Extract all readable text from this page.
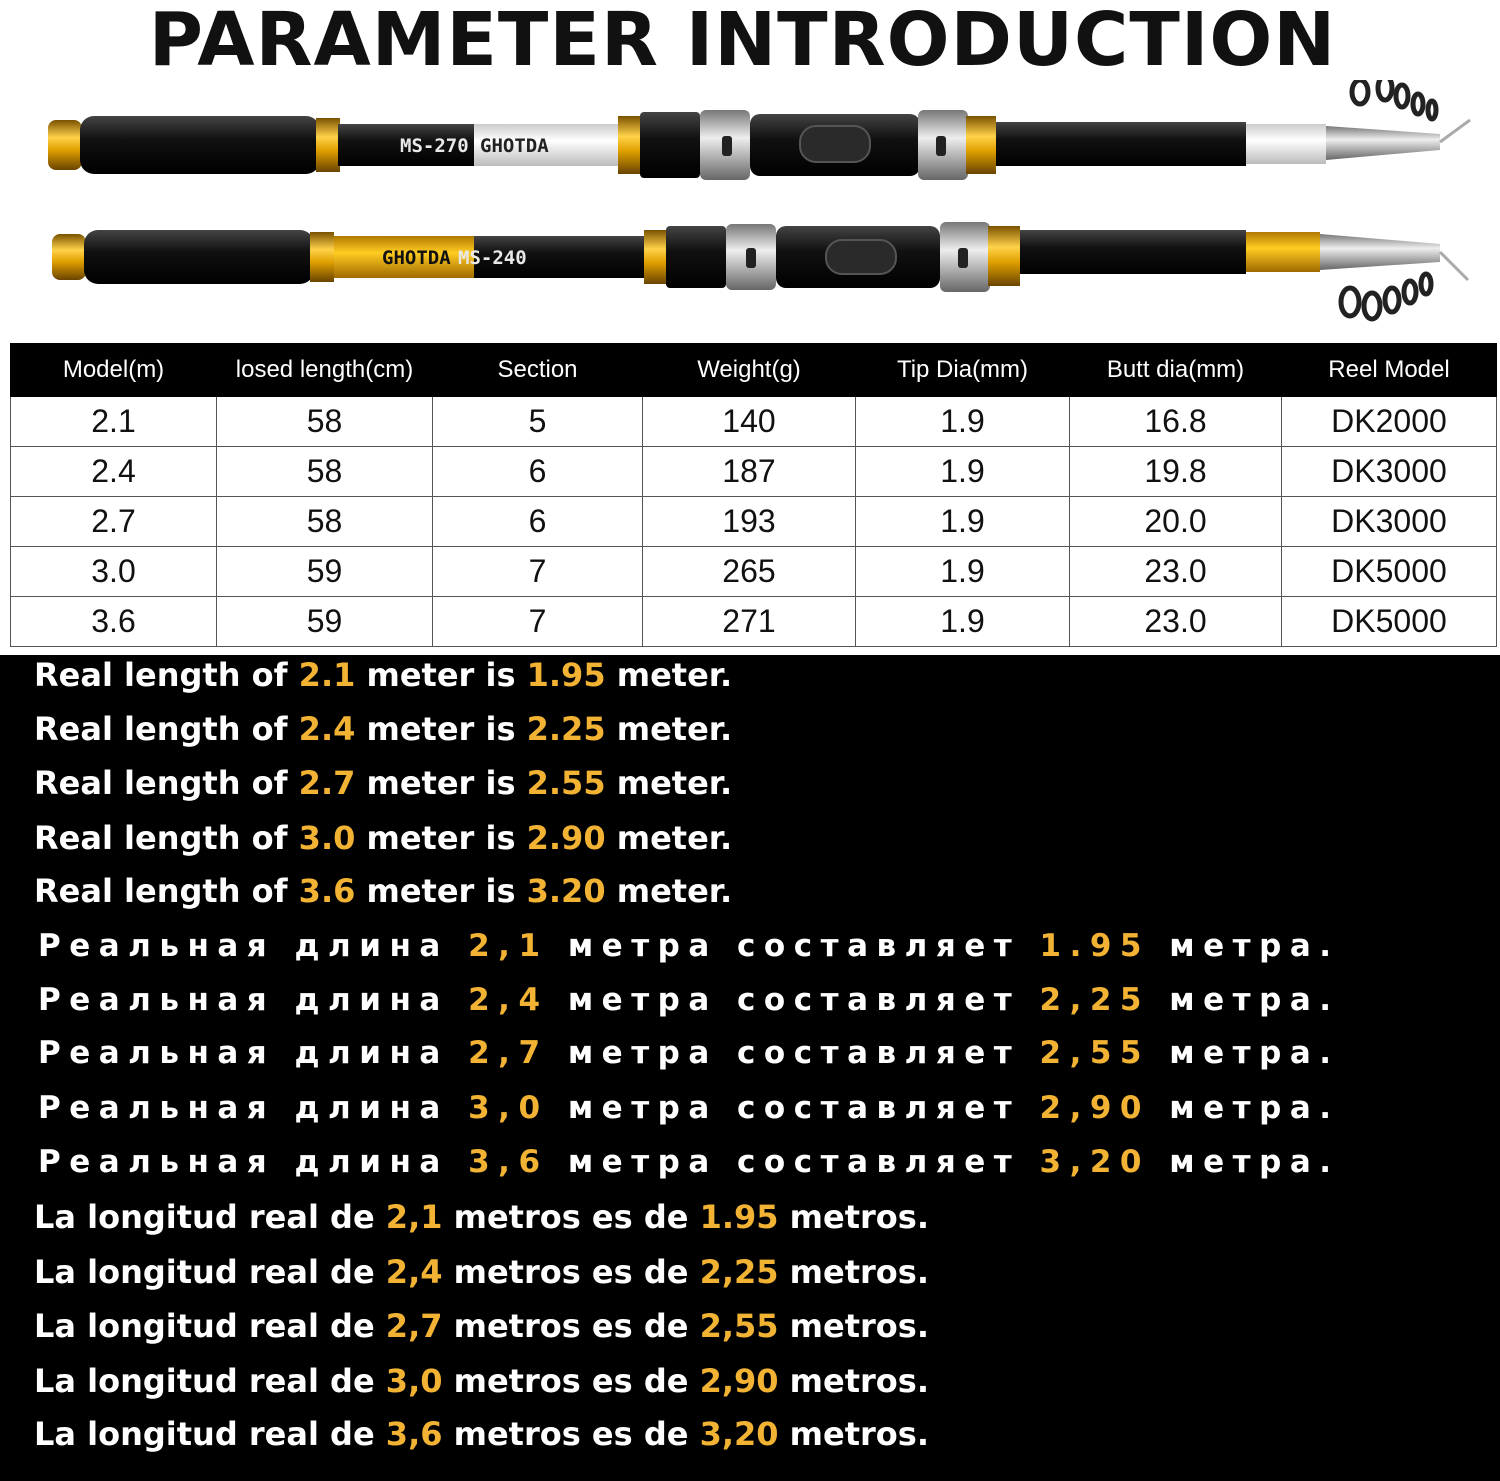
PARAMETER INTRODUCTION
MS-270 GHOTDA
GHOTDA MS-240
Model(m)	losed length(cm)	Section	Weight(g)	Tip Dia(mm)	Butt dia(mm)	Reel Model
2.1	58	5	140	1.9	16.8	DK2000
2.4	58	6	187	1.9	19.8	DK3000
2.7	58	6	193	1.9	20.0	DK3000
3.0	59	7	265	1.9	23.0	DK5000
3.6	59	7	271	1.9	23.0	DK5000
Real length of 2.1 meter is 1.95 meter.
Real length of 2.4 meter is 2.25 meter.
Real length of 2.7 meter is 2.55 meter.
Real length of 3.0 meter is 2.90 meter.
Real length of 3.6 meter is 3.20 meter.
Реальная длина 2,1 метра составляет 1.95 метра.
Реальная длина 2,4 метра составляет 2,25 метра.
Реальная длина 2,7 метра составляет 2,55 метра.
Реальная длина 3,0 метра составляет 2,90 метра.
Реальная длина 3,6 метра составляет 3,20 метра.
La longitud real de 2,1 metros es de 1.95 metros.
La longitud real de 2,4 metros es de 2,25 metros.
La longitud real de 2,7 metros es de 2,55 metros.
La longitud real de 3,0 metros es de 2,90 metros.
La longitud real de 3,6 metros es de 3,20 metros.
